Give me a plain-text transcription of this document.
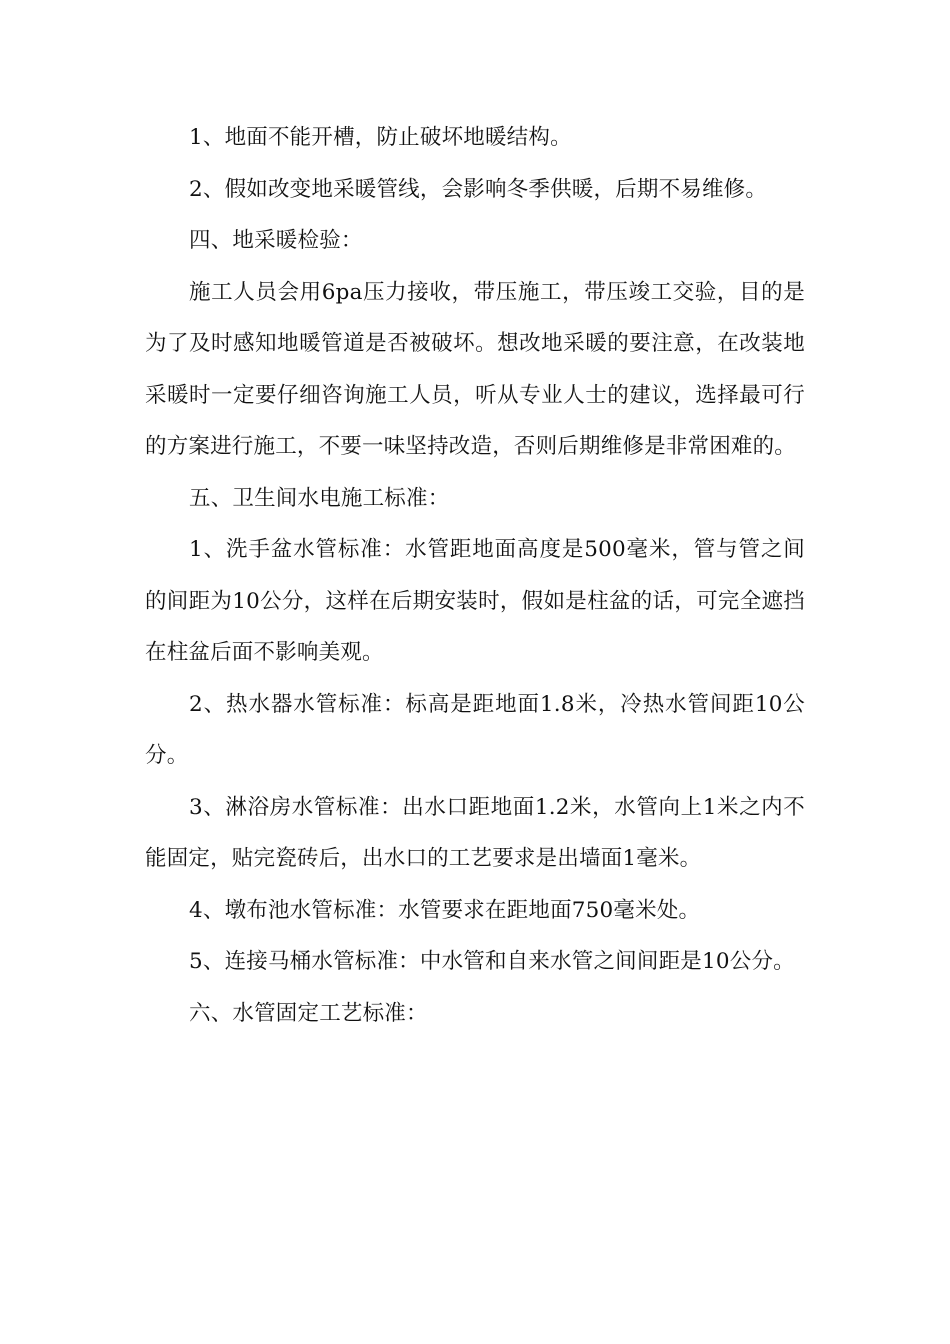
1、地面不能开槽，防止破坏地暖结构。

2、假如改变地采暖管线，会影响冬季供暖，后期不易维修。

四、地采暖检验：

施工人员会用6pa压力接收，带压施工，带压竣工交验，目的是为了及时感知地暖管道是否被破坏。想改地采暖的要注意，在改装地采暖时一定要仔细咨询施工人员，听从专业人士的建议，选择最可行的方案进行施工，不要一味坚持改造，否则后期维修是非常困难的。

五、卫生间水电施工标准：

1、洗手盆水管标准：水管距地面高度是500毫米，管与管之间的间距为10公分，这样在后期安装时，假如是柱盆的话，可完全遮挡在柱盆后面不影响美观。

2、热水器水管标准：标高是距地面1.8米，冷热水管间距10公分。

3、淋浴房水管标准：出水口距地面1.2米，水管向上1米之内不能固定，贴完瓷砖后，出水口的工艺要求是出墙面1毫米。

4、墩布池水管标准：水管要求在距地面750毫米处。

5、连接马桶水管标准：中水管和自来水管之间间距是10公分。

六、水管固定工艺标准：
